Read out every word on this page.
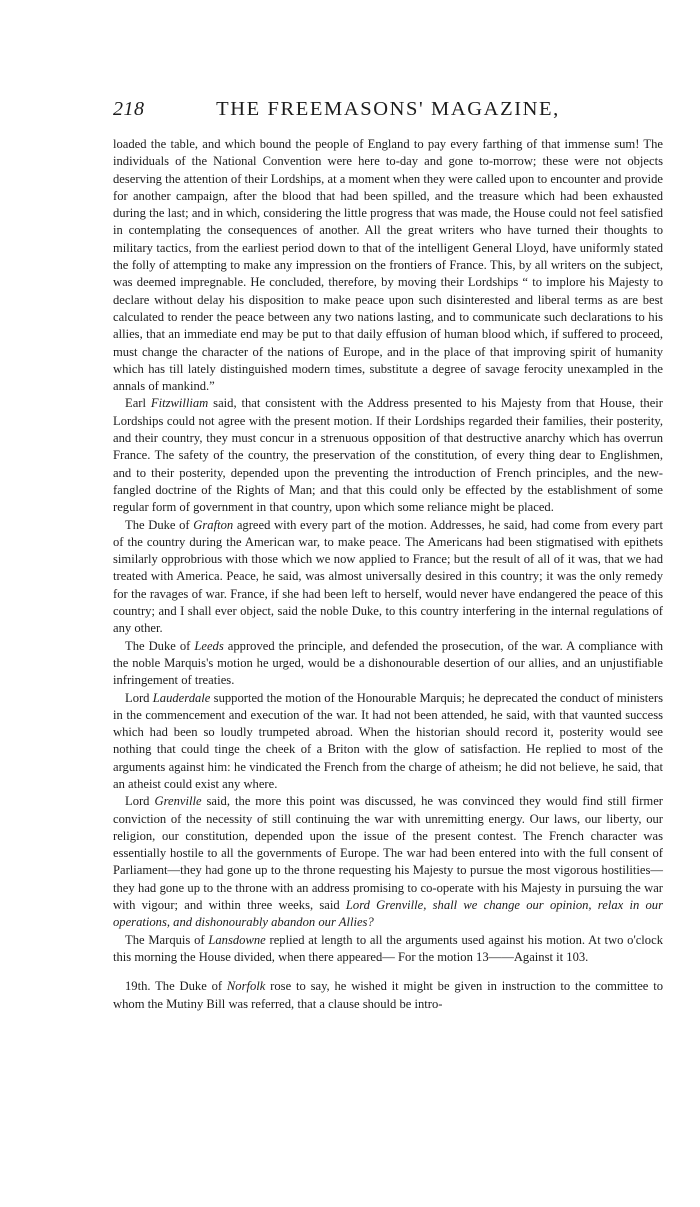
218	THE FREEMASONS' MAGAZINE,

loaded the table, and which bound the people of England to pay every farthing of that immense sum! The individuals of the National Convention were here to-day and gone to-morrow; these were not objects deserving the attention of their Lordships, at a moment when they were called upon to encounter and provide for another campaign, after the blood that had been spilled, and the treasure which had been exhausted during the last; and in which, considering the little progress that was made, the House could not feel satisfied in contemplating the consequences of another. All the great writers who have turned their thoughts to military tactics, from the earliest period down to that of the intelligent General Lloyd, have uniformly stated the folly of attempting to make any impression on the frontiers of France. This, by all writers on the subject, was deemed impregnable. He concluded, therefore, by moving their Lordships “ to implore his Majesty to declare without delay his disposition to make peace upon such disinterested and liberal terms as are best calculated to render the peace between any two nations lasting, and to communicate such declarations to his allies, that an immediate end may be put to that daily effusion of human blood which, if suffered to proceed, must change the character of the nations of Europe, and in the place of that improving spirit of humanity which has till lately distinguished modern times, substitute a degree of savage ferocity unexampled in the annals of mankind.”

Earl Fitzwilliam said, that consistent with the Address presented to his Majesty from that House, their Lordships could not agree with the present motion. If their Lordships regarded their families, their posterity, and their country, they must concur in a strenuous opposition of that destructive anarchy which has overrun France. The safety of the country, the preservation of the constitution, of every thing dear to Englishmen, and to their posterity, depended upon the preventing the introduction of French principles, and the new-fangled doctrine of the Rights of Man; and that this could only be effected by the establishment of some regular form of government in that country, upon which some reliance might be placed.

The Duke of Grafton agreed with every part of the motion. Addresses, he said, had come from every part of the country during the American war, to make peace. The Americans had been stigmatised with epithets similarly opprobrious with those which we now applied to France; but the result of all of it was, that we had treated with America. Peace, he said, was almost universally desired in this country; it was the only remedy for the ravages of war. France, if she had been left to herself, would never have endangered the peace of this country; and I shall ever object, said the noble Duke, to this country interfering in the internal regulations of any other.

The Duke of Leeds approved the principle, and defended the prosecution, of the war. A compliance with the noble Marquis's motion he urged, would be a dishonourable desertion of our allies, and an unjustifiable infringement of treaties.

Lord Lauderdale supported the motion of the Honourable Marquis; he deprecated the conduct of ministers in the commencement and execution of the war. It had not been attended, he said, with that vaunted success which had been so loudly trumpeted abroad. When the historian should record it, posterity would see nothing that could tinge the cheek of a Briton with the glow of satisfaction. He replied to most of the arguments against him: he vindicated the French from the charge of atheism; he did not believe, he said, that an atheist could exist any where.

Lord Grenville said, the more this point was discussed, he was convinced they would find still firmer conviction of the necessity of still continuing the war with unremitting energy. Our laws, our liberty, our religion, our constitution, depended upon the issue of the present contest. The French character was essentially hostile to all the governments of Europe. The war had been entered into with the full consent of Parliament—they had gone up to the throne requesting his Majesty to pursue the most vigorous hostilities—they had gone up to the throne with an address promising to co-operate with his Majesty in pursuing the war with vigour; and within three weeks, said Lord Grenville, shall we change our opinion, relax in our operations, and dishonourably abandon our Allies?

The Marquis of Lansdowne replied at length to all the arguments used against his motion. At two o'clock this morning the House divided, when there appeared— For the motion 13——Against it 103.

19th. The Duke of Norfolk rose to say, he wished it might be given in instruction to the committee to whom the Mutiny Bill was referred, that a clause should be intro-
